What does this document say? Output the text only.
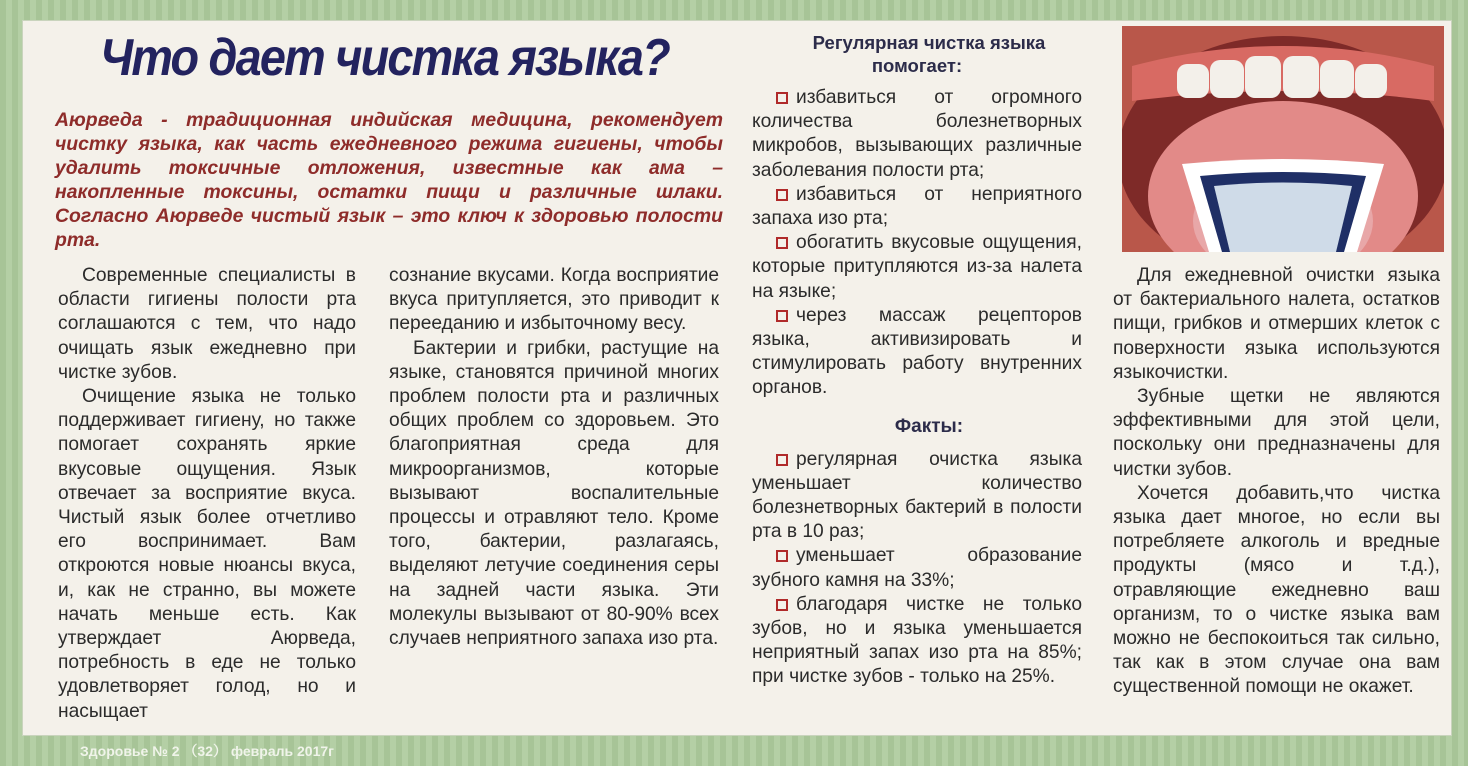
Что дает чистка языка?
Аюрведа - традиционная индийская медицина, рекомендует чистку языка, как часть ежедневного режима гигиены, чтобы удалить токсичные отложения, известные как ама – накопленные токсины, остатки пищи и различные шлаки. Согласно Аюрведе чистый язык – это ключ к здоровью полости рта.

Современные специалисты в области гигиены полости рта соглашаются с тем, что надо очищать язык ежедневно при чистке зубов.

Очищение языка не только поддерживает гигиену, но также помогает сохранять яркие вкусовые ощущения. Язык отвечает за восприятие вкуса. Чистый язык более отчетливо его воспринимает. Вам откроются новые нюансы вкуса, и, как не странно, вы можете начать меньше есть. Как утверждает Аюрведа, потребность в еде не только удовлетворяет голод, но и насыщает

сознание вкусами. Когда восприятие вкуса притупляется, это приводит к перееданию и избыточному весу.

Бактерии и грибки, растущие на языке, становятся причиной многих проблем полости рта и различных общих проблем со здоровьем. Это благоприятная среда для микроорганизмов, которые вызывают воспалительные процессы и отравляют тело. Кроме того, бактерии, разлагаясь, выделяют летучие соединения серы на задней части языка. Эти молекулы вызывают от 80-90% всех случаев неприятного запаха изо рта.

Регулярная чистка языка помогает:

избавиться от огромного количества болезнетворных микробов, вызывающих различные заболевания полости рта;

избавиться от неприятного запаха изо рта;

обогатить вкусовые ощущения, которые притупляются из-за налета на языке;

через массаж рецепторов языка, активизировать и стимулировать работу внутренних органов.

Факты:

регулярная очистка языка уменьшает количество болезнетворных бактерий в полости рта в 10 раз;

уменьшает образование зубного камня на 33%;

благодаря чистке не только зубов, но и языка уменьшается неприятный запах изо рта на 85%; при чистке зубов - только на 25%.

Для ежедневной очистки языка от бактериального налета, остатков пищи, грибков и отмерших клеток с поверхности языка используются языкочистки.

Зубные щетки не являются эффективными для этой цели, поскольку они предназначены для чистки зубов.

Хочется добавить,что чистка языка дает многое, но если вы потребляете алкоголь и вредные продукты (мясо и т.д.), отравляющие ежедневно ваш организм, то о чистке языка вам можно не беспокоиться так сильно, так как в этом случае она вам существенной помощи не окажет.

Здоровье № 2 （32） февраль 2017г
